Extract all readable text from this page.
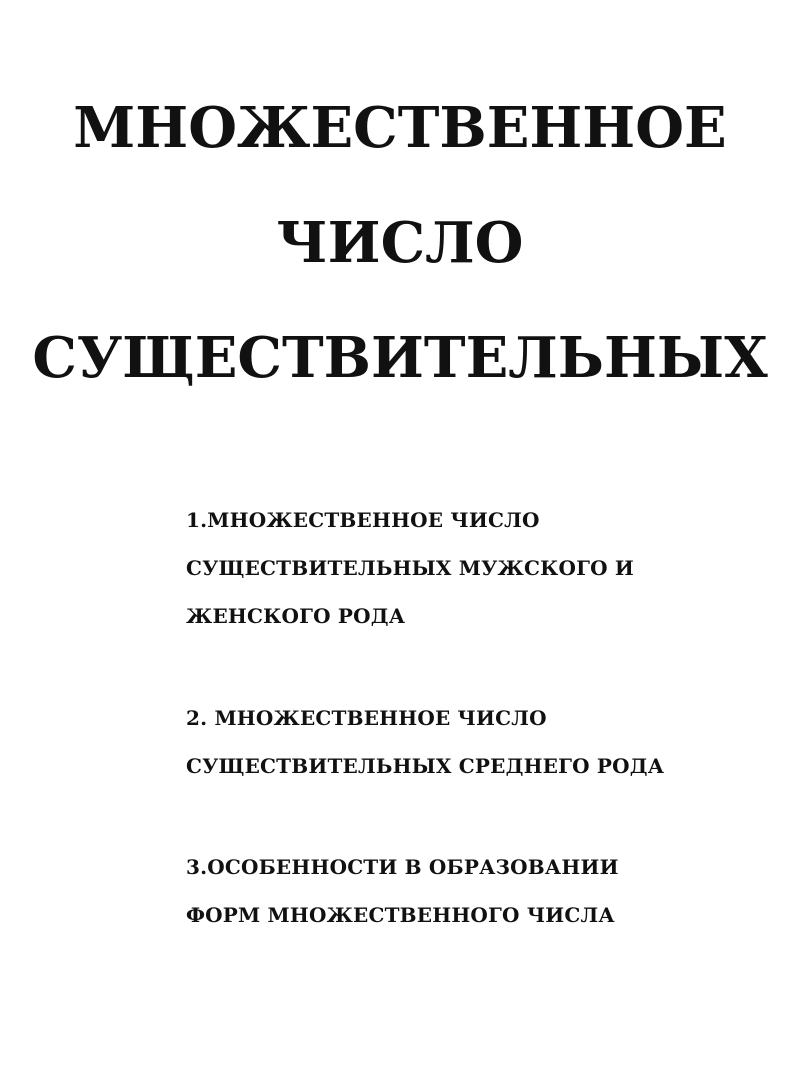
МНОЖЕСТВЕННОЕ
ЧИСЛО
СУЩЕСТВИТЕЛЬНЫХ

1.МНОЖЕСТВЕННОЕ ЧИСЛО
СУЩЕСТВИТЕЛЬНЫХ МУЖСКОГО И
ЖЕНСКОГО РОДА

2. МНОЖЕСТВЕННОЕ ЧИСЛО
СУЩЕСТВИТЕЛЬНЫХ СРЕДНЕГО РОДА

3.ОСОБЕННОСТИ В ОБРАЗОВАНИИ
ФОРМ МНОЖЕСТВЕННОГО ЧИСЛА
